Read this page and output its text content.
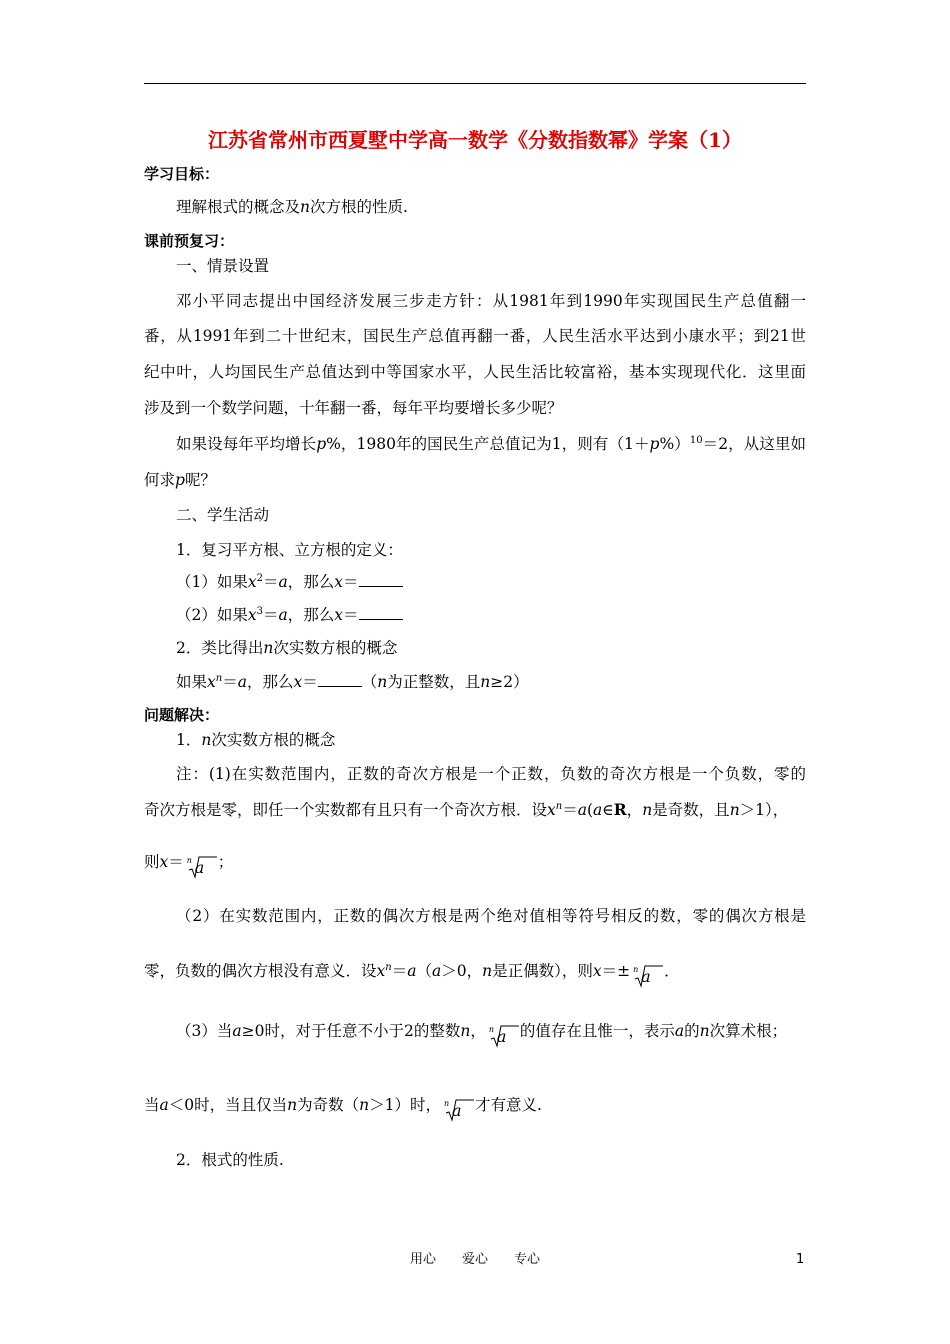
江苏省常州市西夏墅中学高一数学《分数指数幂》学案（1）
学习目标：
理解根式的概念及n次方根的性质.
课前预复习：
一、情景设置
邓小平同志提出中国经济发展三步走方针：从1981年到1990年实现国民生产总值翻一
番，从1991年到二十世纪末，国民生产总值再翻一番，人民生活水平达到小康水平；到21世
纪中叶，人均国民生产总值达到中等国家水平，人民生活比较富裕，基本实现现代化．这里面
涉及到一个数学问题，十年翻一番，每年平均要增长多少呢？
如果设每年平均增长p%，1980年的国民生产总值记为1，则有$(1+p\%)^{10}=2$，从这里如
何求p呢？
二、学生活动
1．复习平方根、立方根的定义：
（1）如果$x^2=a$，那么x＝
（2）如果$x^3=a$，那么x＝
2．类比得出n次实数方根的概念
如果$x^n=a$，那么x＝	（n为正整数，且n≥2）
问题解决：
1．n次实数方根的概念
注：(1)在实数范围内，正数的奇次方根是一个正数，负数的奇次方根是一个负数，零的
奇次方根是零，即任一个实数都有且只有一个奇次方根．设$x^n=a(a\in R$，n是奇数，且n＞1），
则x＝ n a ；
（2）在实数范围内，正数的偶次方根是两个绝对值相等符号相反的数，零的偶次方根是
零，负数的偶次方根没有意义．设$x^n=a(a>0$，n是正偶数），则x＝± n a ．
（3）当a≥0时，对于任意不小于2的整数n， n a 的值存在且惟一，表示a的n次算术根；
当a＜0时，当且仅当n为奇数（n＞1）时， n a 才有意义.
2．根式的性质.
用心　　爱心　　专心	1
